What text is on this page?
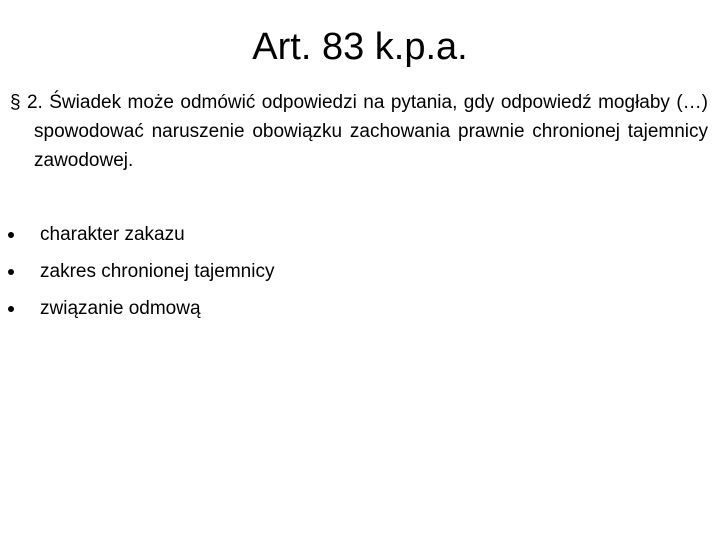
Art. 83 k.p.a.

§ 2. Świadek może odmówić odpowiedzi na pytania, gdy odpowiedź mogłaby (…) spowodować naruszenie obowiązku zachowania prawnie chronionej tajemnicy zawodowej.

charakter zakazu
zakres chronionej tajemnicy
związanie odmową
